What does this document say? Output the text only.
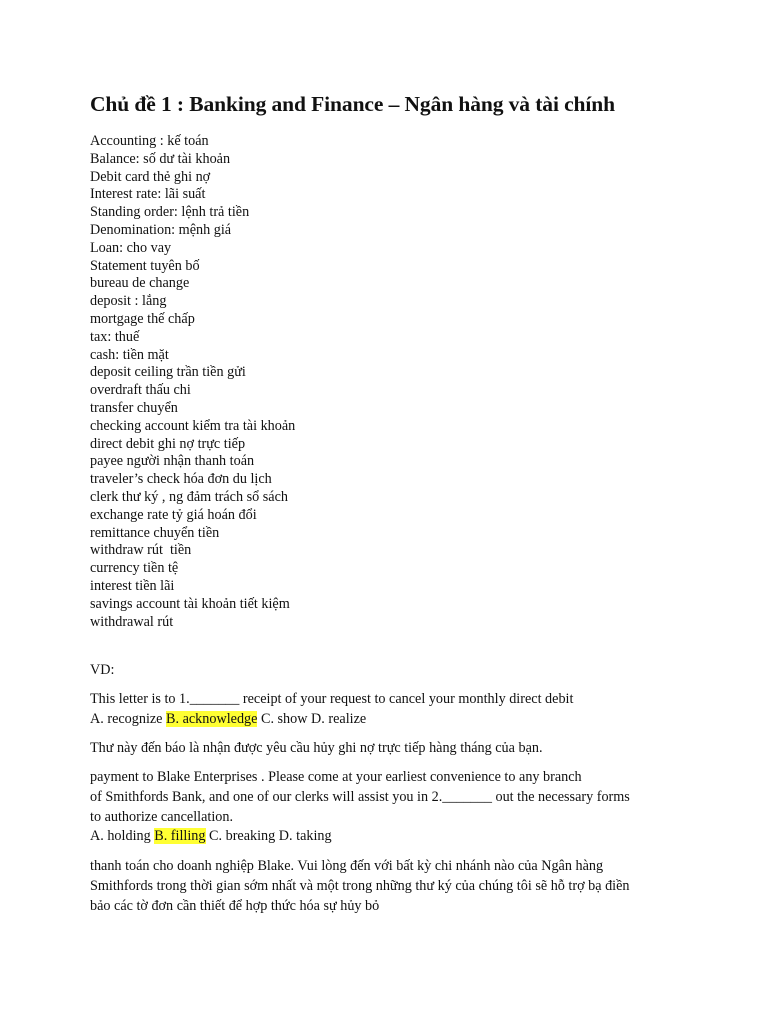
Chủ đề 1 : Banking and Finance – Ngân hàng và tài chính
Accounting : kế toán
Balance: số dư tài khoản
Debit card thẻ ghi nợ
Interest rate: lãi suất
Standing order: lệnh trả tiền
Denomination: mệnh giá
Loan: cho vay
Statement tuyên bố
bureau de change
deposit : lắng
mortgage thế chấp
tax: thuế
cash: tiền mặt
deposit ceiling trần tiền gửi
overdraft thấu chi
transfer chuyển
checking account kiểm tra tài khoản
direct debit ghi nợ trực tiếp
payee người nhận thanh toán
traveler’s check hóa đơn du lịch
clerk thư ký , ng đảm trách sổ sách
exchange rate tỷ giá hoán đổi
remittance chuyển tiền
withdraw rút  tiền
currency tiền tệ
interest tiền lãi
savings account tài khoản tiết kiệm
withdrawal rút
VD:
This letter is to 1._______ receipt of your request to cancel your monthly direct debit
A. recognize B. acknowledge C. show D. realize
Thư này đến báo là nhận được yêu cầu hủy ghi nợ trực tiếp hàng tháng của bạn.
payment to Blake Enterprises . Please come at your earliest convenience to any branch
of Smithfords Bank, and one of our clerks will assist you in 2._______ out the necessary forms
to authorize cancellation.
A. holding B. filling C. breaking D. taking
thanh toán cho doanh nghiệp Blake. Vui lòng đến với bất kỳ chi nhánh nào của Ngân hàng
Smithfords trong thời gian sớm nhất và một trong những thư ký của chúng tôi sẽ hỗ trợ bạ điền
bảo các tờ đơn cần thiết để hợp thức hóa sự hủy bỏ
